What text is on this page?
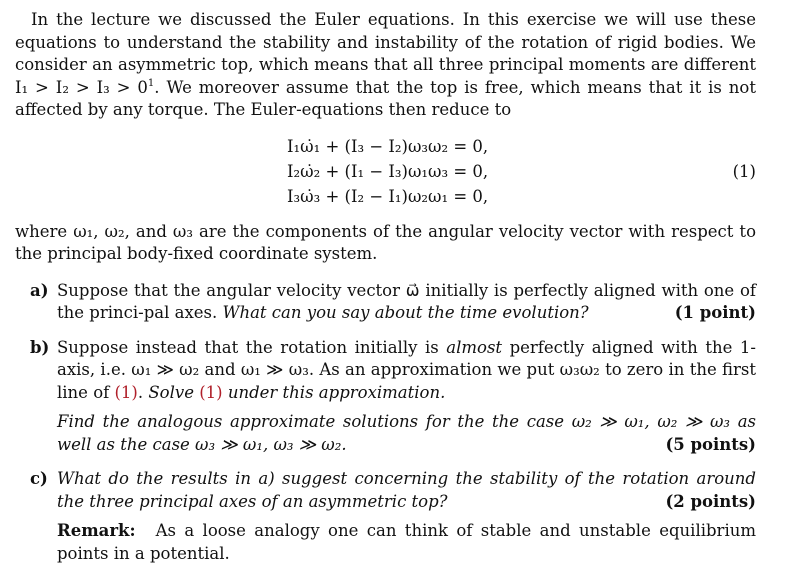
In the lecture we discussed the Euler equations. In this exercise we will use these equations to understand the stability and instability of the rotation of rigid bodies. We consider an asymmetric top, which means that all three principal moments are different $I_1 > I_2 > I_3 > 0^1$. We moreover assume that the top is free, which means that it is not affected by any torque. The Euler-equations then reduce to

I₁ω̇₁ + (I₃ − I₂)ω₃ω₂ = 0,
I₂ω̇₂ + (I₁ − I₃)ω₁ω₃ = 0,
I₃ω̇₃ + (I₂ − I₁)ω₂ω₁ = 0,
(1)

where ω₁, ω₂, and ω₃ are the components of the angular velocity vector with respect to the principal body-fixed coordinate system.

a) Suppose that the angular velocity vector ω⃗ initially is perfectly aligned with one of the princi-pal axes. What can you say about the time evolution?	(1 point)

b) Suppose instead that the rotation initially is almost perfectly aligned with the 1-axis, i.e. ω₁ ≫ ω₂ and ω₁ ≫ ω₃. As an approximation we put ω₃ω₂ to zero in the first line of (1). Solve (1) under this approximation.

Find the analogous approximate solutions for the the case ω₂ ≫ ω₁, ω₂ ≫ ω₃ as well as the case ω₃ ≫ ω₁, ω₃ ≫ ω₂.	(5 points)

c) What do the results in a) suggest concerning the stability of the rotation around the three principal axes of an asymmetric top?	(2 points)

Remark: As a loose analogy one can think of stable and unstable equilibrium points in a potential.
